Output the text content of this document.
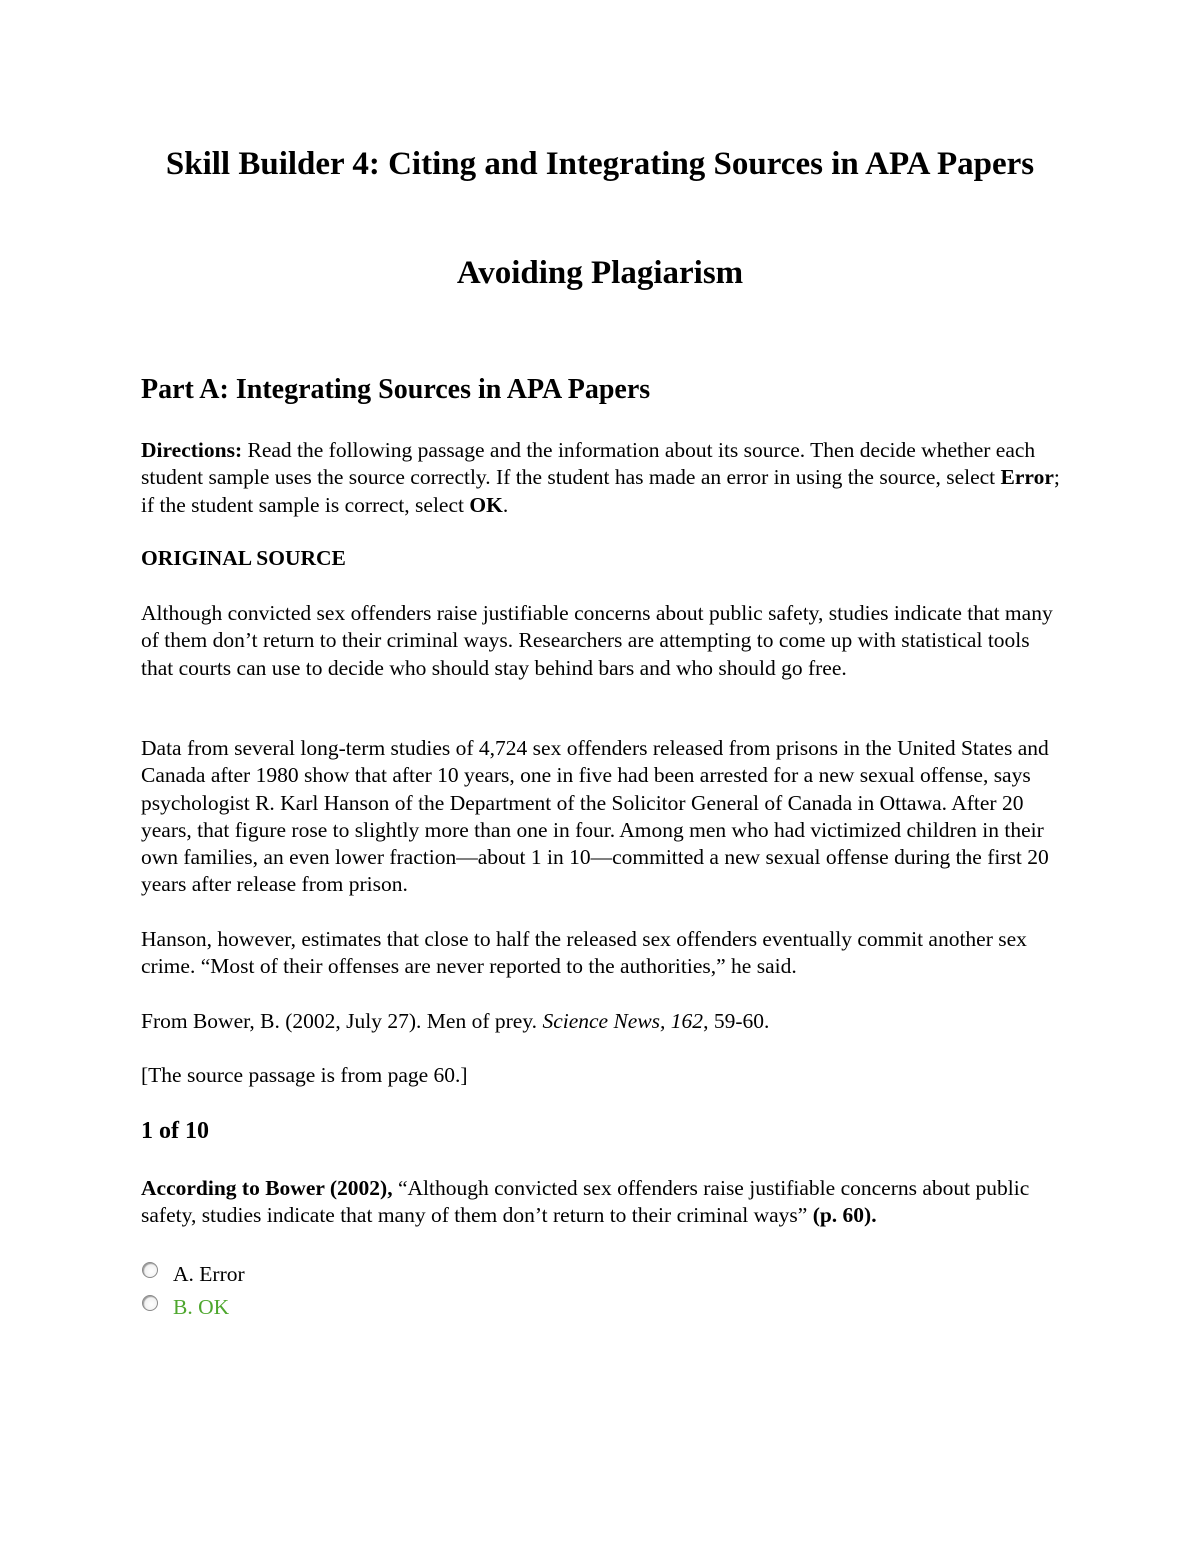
Skill Builder 4: Citing and Integrating Sources in APA Papers
Avoiding Plagiarism
Part A: Integrating Sources in APA Papers

Directions: Read the following passage and the information about its source. Then decide whether each student sample uses the source correctly. If the student has made an error in using the source, select Error; if the student sample is correct, select OK.

ORIGINAL SOURCE

Although convicted sex offenders raise justifiable concerns about public safety, studies indicate that many of them don’t return to their criminal ways. Researchers are attempting to come up with statistical tools that courts can use to decide who should stay behind bars and who should go free.

Data from several long-term studies of 4,724 sex offenders released from prisons in the United States and Canada after 1980 show that after 10 years, one in five had been arrested for a new sexual offense, says psychologist R. Karl Hanson of the Department of the Solicitor General of Canada in Ottawa. After 20 years, that figure rose to slightly more than one in four. Among men who had victimized children in their own families, an even lower fraction—about 1 in 10—committed a new sexual offense during the first 20 years after release from prison.

Hanson, however, estimates that close to half the released sex offenders eventually commit another sex crime. “Most of their offenses are never reported to the authorities,” he said.

From Bower, B. (2002, July 27). Men of prey. Science News, 162, 59-60.

[The source passage is from page 60.]

1 of 10

According to Bower (2002), “Although convicted sex offenders raise justifiable concerns about public safety, studies indicate that many of them don’t return to their criminal ways” (p. 60).

A. Error
B. OK
